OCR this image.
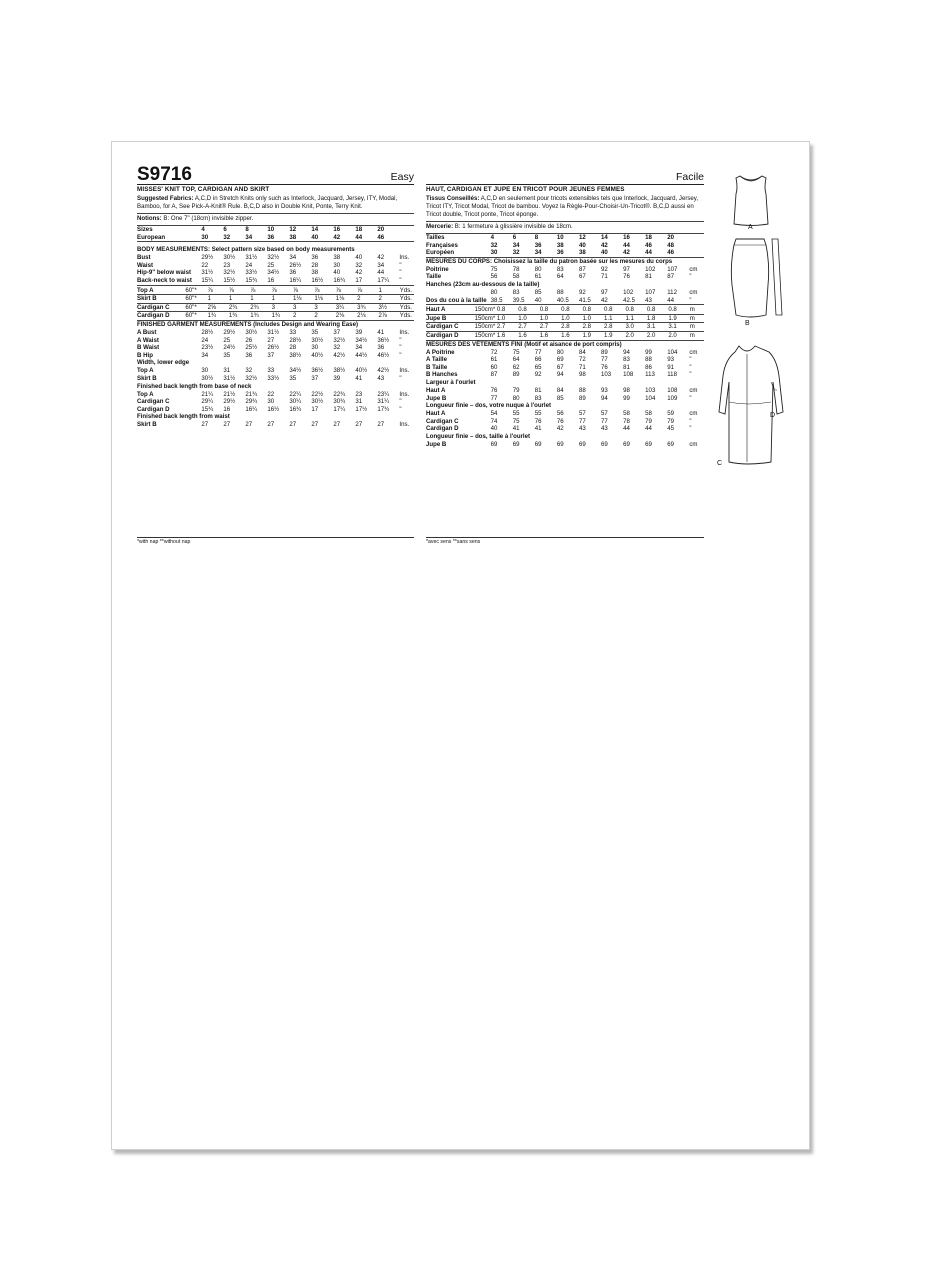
S9716	Easy
MISSES' KNIT TOP, CARDIGAN AND SKIRT
Suggested Fabrics: A,C,D in Stretch Knits only such as Interlock, Jacquard, Jersey, ITY, Modal, Bamboo, for A, See Pick-A-Knit® Rule. B,C,D also in Double Knit, Ponte, Terry Knit.
Notions: B: One 7" (18cm) invisible zipper.
Sizes	4	6	8	10	12	14	16	18	20	
European	30	32	34	36	38	40	42	44	46	
BODY MEASUREMENTS: Select pattern size based on body measurements
Bust	29½	30½	31½	32½	34	36	38	40	42	Ins.
Waist	22	23	24	25	26½	28	30	32	34	"
Hip-9" below waist	31½	32½	33½	34½	36	38	40	42	44	"
Back-neck to waist	15¼	15½	15¾	16	16¼	16½	16¾	17	17¼	"
Top A	60"*	⅞	⅞	⅞	⅞	⅞	⅞	⅞	⅞	1	Yds.
Skirt B	60"*	1	1	1	1	1⅛	1⅛	1⅛	2	2	Yds.
Cardigan C	60"*	2⅝	2¾	2¾	3	3	3	3¼	3¾	3½	Yds.
Cardigan D	60"*	1¾	1¾	1¾	1¾	2	2	2⅛	2⅛	2⅞	Yds.
FINISHED GARMENT MEASUREMENTS (Includes Design and Wearing Ease)
A Bust	28½	29½	30½	31½	33	35	37	39	41	Ins.
A Waist	24	25	26	27	28½	30½	32½	34½	36½	"
B Waist	23½	24½	25½	26½	28	30	32	34	36	"
B Hip	34	35	36	37	38½	40½	42½	44½	46½	"
Width, lower edge
Top A	30	31	32	33	34½	36½	38½	40½	42½	Ins.
Skirt B	30½	31½	32½	33½	35	37	39	41	43	"
Finished back length from base of neck
Top A	21¼	21½	21¾	22	22¼	22½	22¾	23	23¼	Ins.
Cardigan C	29¼	29½	29¾	30	30¼	30½	30¾	31	31¼	"
Cardigan D	15¾	16	16¼	16½	16¾	17	17¼	17½	17¾	"
Finished back length from waist
Skirt B	27	27	27	27	27	27	27	27	27	Ins.
Facile
HAUT, CARDIGAN ET JUPE EN TRICOT POUR JEUNES FEMMES
Tissus Conseillés: A,C,D en seulement pour tricots extensibles tels que Interlock, Jacquard, Jersey, Tricot ITY, Tricot Modal, Tricot de bambou. Voyez la Règle-Pour-Choisir-Un-Tricot®. B,C,D aussi en Tricot double, Tricot ponte, Tricot éponge.
Mercerie: B: 1 fermeture à glissière invisible de 18cm.
Tailles	4	6	8	10	12	14	16	18	20	
Françaises	32	34	36	38	40	42	44	46	48	
Européen	30	32	34	36	38	40	42	44	46	
MESURES DU CORPS: Choisissez la taille du patron basée sur les mesures du corps
Poitrine	75	78	80	83	87	92	97	102	107	cm
Taille	56	58	61	64	67	71	76	81	87	"
Hanches (23cm au-dessous de la taille)
	80	83	85	88	92	97	102	107	112	cm
Dos du cou à la taille	38.5	39.5	40	40.5	41.5	42	42.5	43	44	"
Haut A	150cm*	0.8	0.8	0.8	0.8	0.8	0.8	0.8	0.8	0.8	m
Jupe B	150cm*	1.0	1.0	1.0	1.0	1.0	1.1	1.1	1.8	1.9	m
Cardigan C	150cm*	2.7	2.7	2.7	2.8	2.8	2.8	3.0	3.1	3.1	m
Cardigan D	150cm*	1.6	1.6	1.6	1.6	1.9	1.9	2.0	2.0	2.0	m
MESURES DES VÊTEMENTS FINI (Motif et aisance de port compris)
A Poitrine	72	75	77	80	84	89	94	99	104	cm
A Taille	61	64	66	69	72	77	83	88	93	"
B Taille	60	62	65	67	71	76	81	86	91	"
B Hanches	87	89	92	94	98	103	108	113	118	"
Largeur à l'ourlet
Haut A	76	79	81	84	88	93	98	103	108	cm
Jupe B	77	80	83	85	89	94	99	104	109	"
Longueur finie – dos, votre nuque à l'ourlet
Haut A	54	55	55	56	57	57	58	58	59	cm
Cardigan C	74	75	76	76	77	77	78	79	79	"
Cardigan D	40	41	41	42	43	43	44	44	45	"
Longueur finie – dos, taille à l'ourlet
Jupe B	69	69	69	69	69	69	69	69	69	cm
*with nap **without nap	*avec sens **sans sens
A
B
D
C
